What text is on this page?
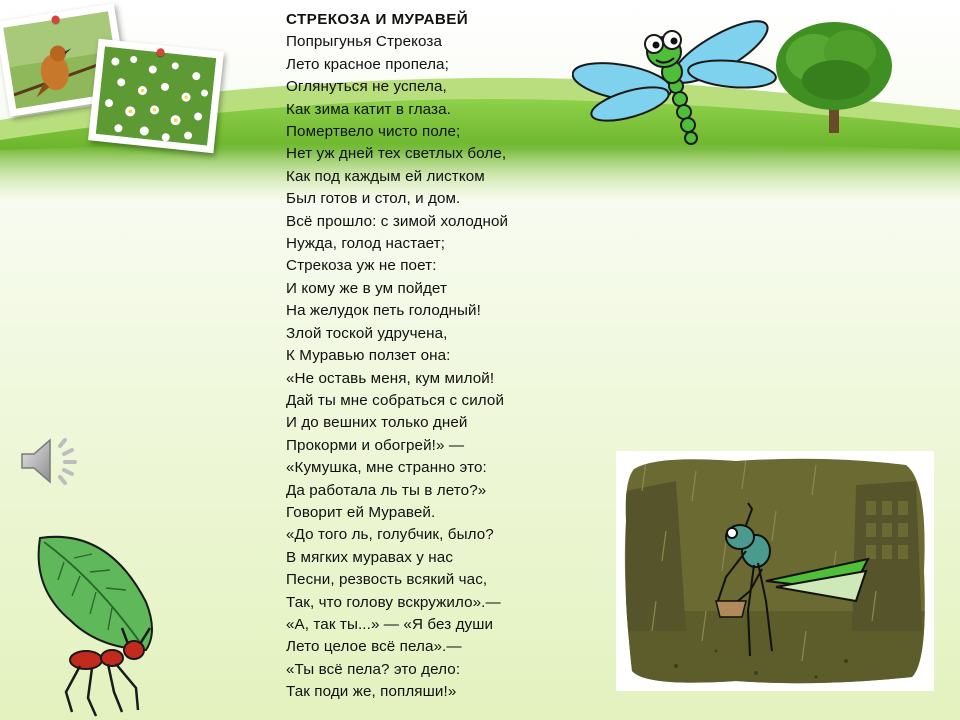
СТРЕКОЗА И МУРАВЕЙ
Попрыгунья Стрекоза
Лето красное пропела;
Оглянуться не успела,
Как зима катит в глаза.
Помертвело чисто поле;
Нет уж дней тех светлых боле,
Как под каждым ей листком
Был готов и стол, и дом.
Всё прошло: с зимой холодной
Нужда, голод настает;
Стрекоза уж не поет:
И кому же в ум пойдет
На желудок петь голодный!
Злой тоской удручена,
К Муравью ползет она:
«Не оставь меня, кум милой!
Дай ты мне собраться с силой
И до вешних только дней
Прокорми и обогрей!» —
«Кумушка, мне странно это:
Да работала ль ты в лето?»
Говорит ей Муравей.
«До того ль, голубчик, было?
В мягких муравах у нас
Песни, резвость всякий час,
Так, что голову вскружило».—
«А, так ты...» — «Я без души
Лето целое всё пела».—
«Ты всё пела? это дело:
Так поди же, попляши!»
